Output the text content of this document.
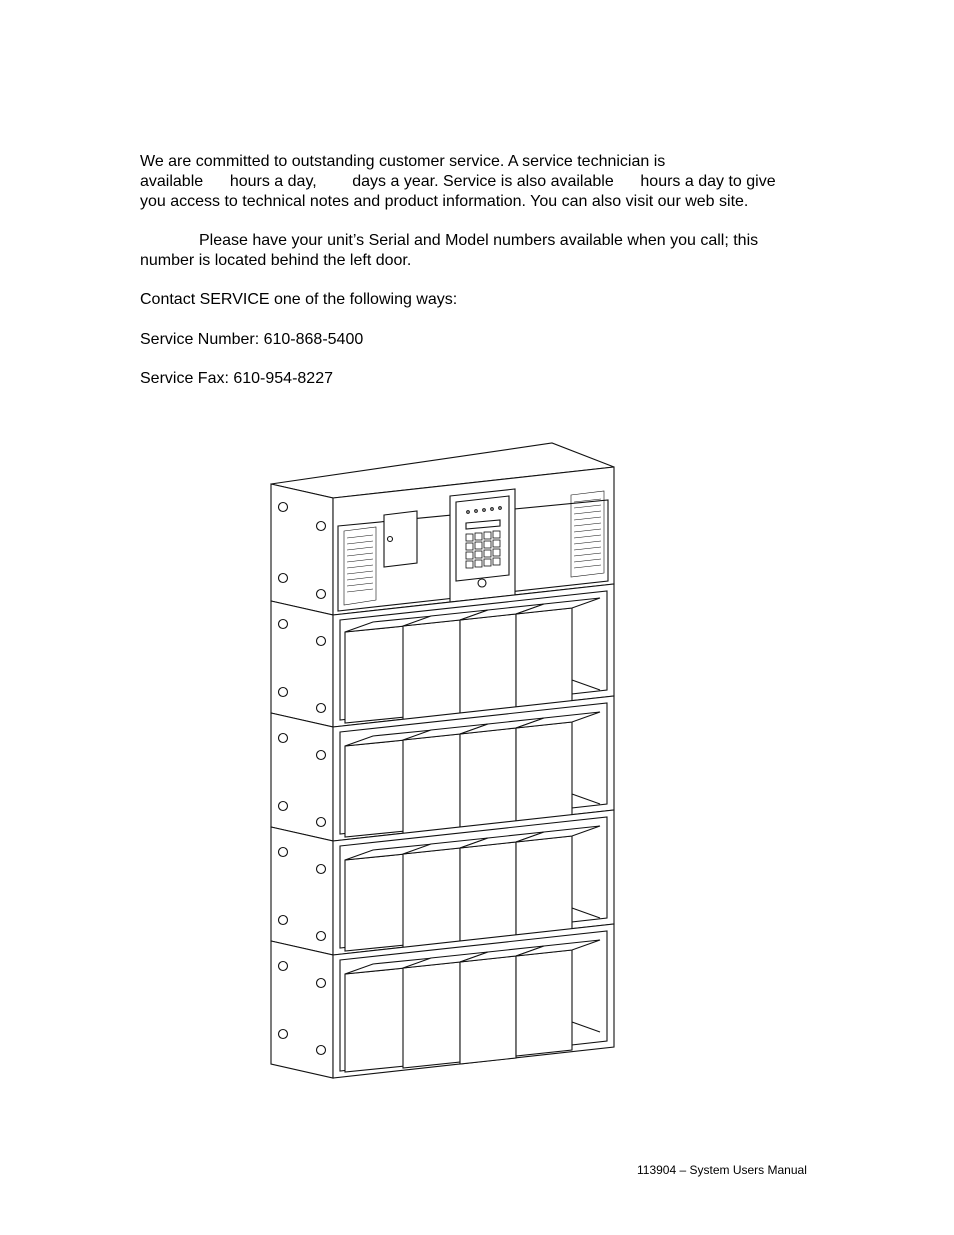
We are committed to outstanding customer service. A service technician is

available      hours a day,        days a year. Service is also available      hours a day to give

you access to technical notes and product information. You can also visit our web site.

Please have your unit’s Serial and Model numbers available when you call; this

number is located behind the left door.

Contact SERVICE one of the following ways:

Service Number: 610-868-5400

Service Fax: 610-954-8227

113904 – System Users Manual
